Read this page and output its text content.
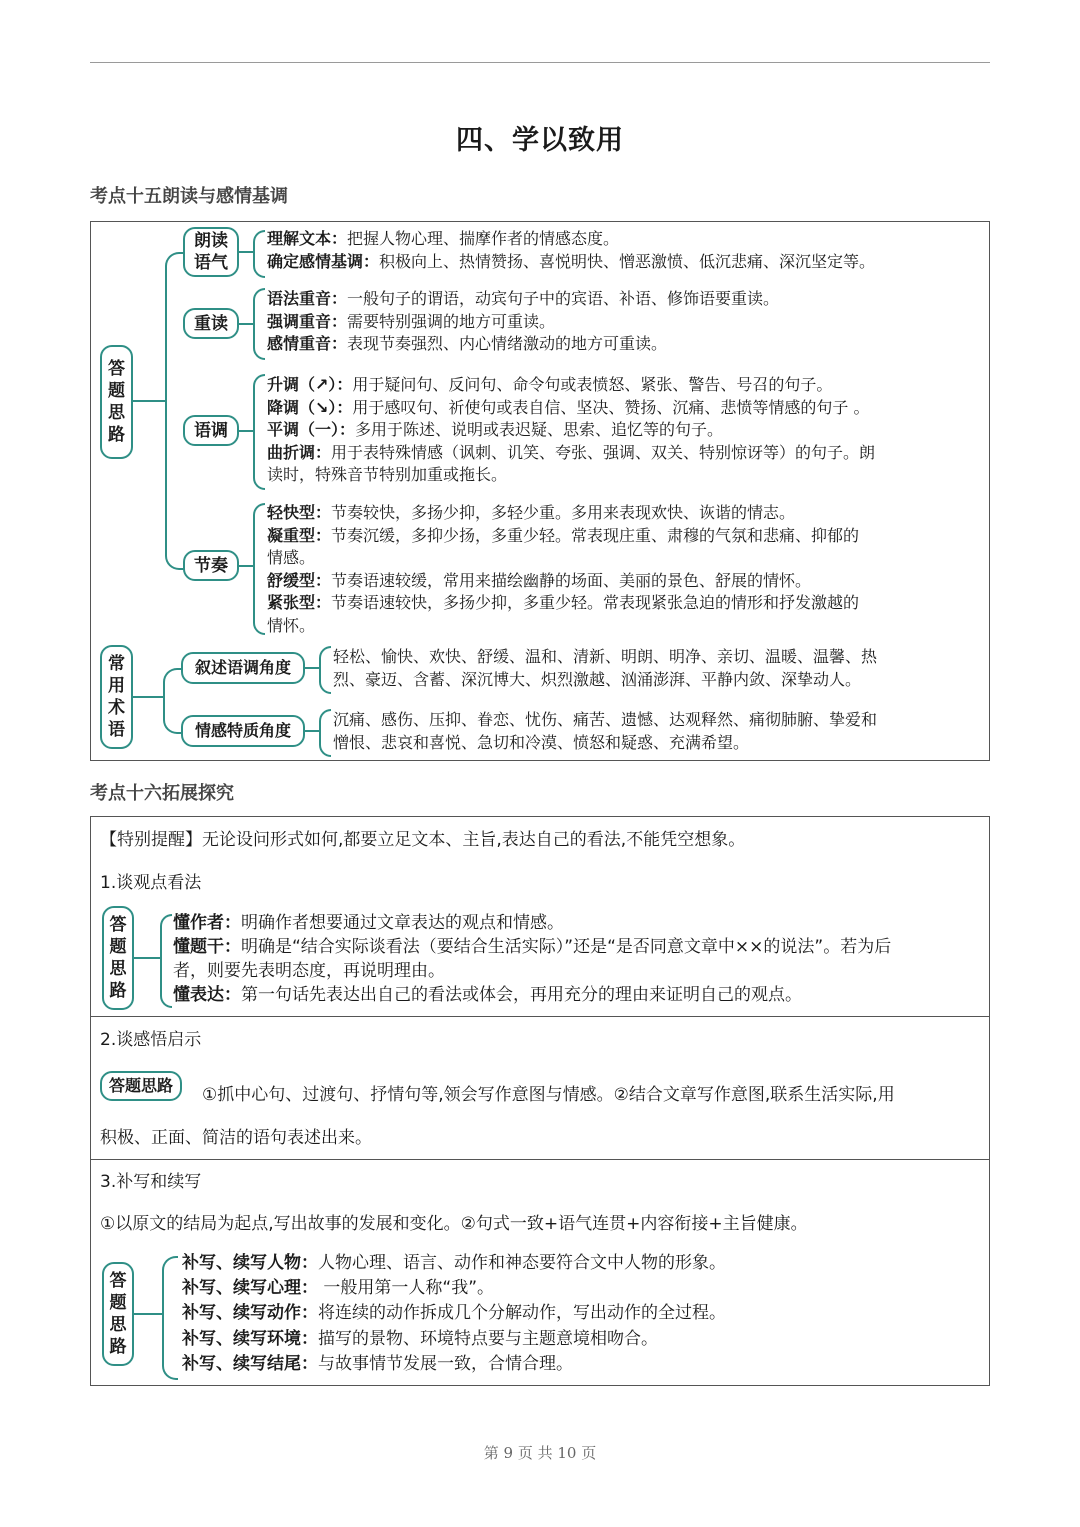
四、学以致用
考点十五朗读与感情基调
答
题
思
路
朗读
语气
理解文本：把握人物心理、揣摩作者的情感态度。
确定感情基调：积极向上、热情赞扬、喜悦明快、憎恶激愤、低沉悲痛、深沉坚定等。
重读
语法重音：一般句子的谓语，动宾句子中的宾语、补语、修饰语要重读。
强调重音：需要特别强调的地方可重读。
感情重音：表现节奏强烈、内心情绪激动的地方可重读。
语调
升调（↗）：用于疑问句、反问句、命令句或表愤怒、紧张、警告、号召的句子。
降调（↘）：用于感叹句、祈使句或表自信、坚决、赞扬、沉痛、悲愤等情感的句子 。
平调（一）：多用于陈述、说明或表迟疑、思索、追忆等的句子。
曲折调：用于表特殊情感（讽刺、讥笑、夸张、强调、双关、特别惊讶等）的句子。朗
读时，特殊音节特别加重或拖长。
节奏
轻快型：节奏较快，多扬少抑，多轻少重。多用来表现欢快、诙谐的情志。
凝重型：节奏沉缓，多抑少扬，多重少轻。常表现庄重、肃穆的气氛和悲痛、抑郁的
情感。
舒缓型：节奏语速较缓，常用来描绘幽静的场面、美丽的景色、舒展的情怀。
紧张型：节奏语速较快，多扬少抑，多重少轻。常表现紧张急迫的情形和抒发激越的
情怀。
常
用
术
语
叙述语调角度
轻松、愉快、欢快、舒缓、温和、清新、明朗、明净、亲切、温暖、温馨、热
烈、豪迈、含蓄、深沉博大、炽烈激越、汹涌澎湃、平静内敛、深挚动人。
情感特质角度
沉痛、感伤、压抑、眷恋、忧伤、痛苦、遗憾、达观释然、痛彻肺腑、挚爱和
憎恨、悲哀和喜悦、急切和冷漠、愤怒和疑惑、充满希望。
考点十六拓展探究
【特别提醒】无论设问形式如何,都要立足文本、主旨,表达自己的看法,不能凭空想象。
1.谈观点看法
答
题
思
路
懂作者：明确作者想要通过文章表达的观点和情感。
懂题干：明确是“结合实际谈看法（要结合生活实际）”还是“是否同意文章中××的说法”。若为后
者，则要先表明态度，再说明理由。
懂表达：第一句话先表达出自己的看法或体会，再用充分的理由来证明自己的观点。
2.谈感悟启示
答题思路	①抓中心句、过渡句、抒情句等,领会写作意图与情感。②结合文章写作意图,联系生活实际,用
积极、正面、简洁的语句表述出来。
3.补写和续写
①以原文的结局为起点,写出故事的发展和变化。②句式一致+语气连贯+内容衔接+主旨健康。
答
题
思
路
补写、续写人物：人物心理、语言、动作和神态要符合文中人物的形象。
补写、续写心理： 一般用第一人称“我”。
补写、续写动作：将连续的动作拆成几个分解动作，写出动作的全过程。
补写、续写环境：描写的景物、环境特点要与主题意境相吻合。
补写、续写结尾：与故事情节发展一致，合情合理。
第 9 页 共 10 页
